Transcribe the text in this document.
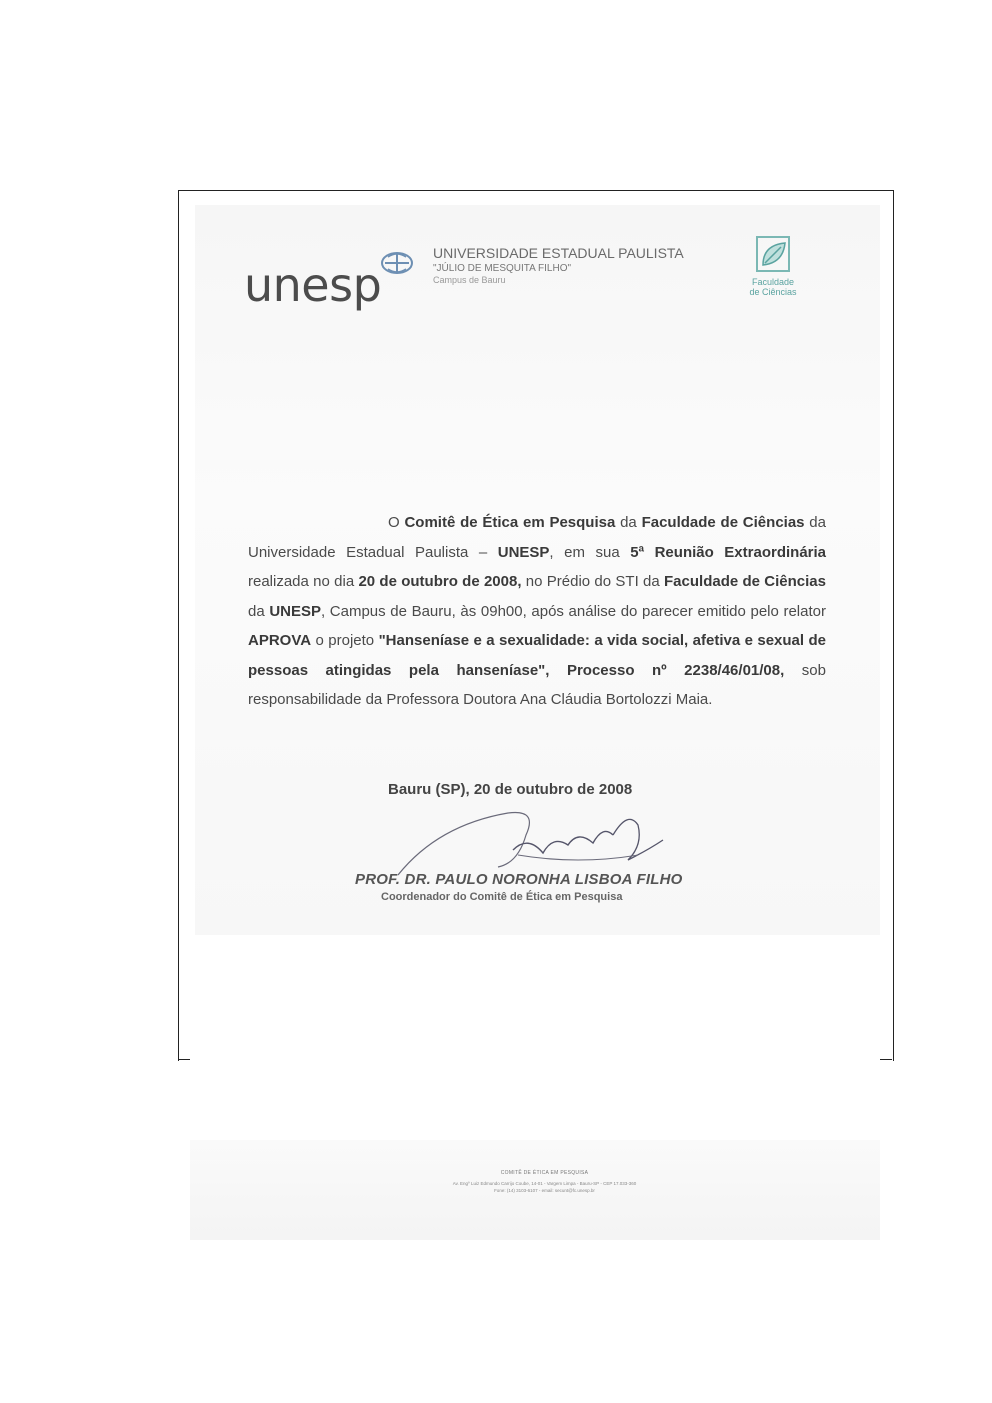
unesp
UNIVERSIDADE ESTADUAL PAULISTA
"JÚLIO DE MESQUITA FILHO"
Campus de Bauru	Faculdade
de Ciências
O Comitê de Ética em Pesquisa da Faculdade de Ciências da Universidade Estadual Paulista – UNESP, em sua 5ª Reunião Extraordinária realizada no dia 20 de outubro de 2008, no Prédio do STI da Faculdade de Ciências da UNESP, Campus de Bauru, às 09h00, após análise do parecer emitido pelo relator APROVA o projeto "Hanseníase e a sexualidade: a vida social, afetiva e sexual de pessoas atingidas pela hanseníase", Processo nº 2238/46/01/08, sob responsabilidade da Professora Doutora Ana Cláudia Bortolozzi Maia.
Bauru (SP), 20 de outubro de 2008
PROF. DR. PAULO NORONHA LISBOA FILHO
Coordenador do Comitê de Ética em Pesquisa
COMITÊ DE ÉTICA EM PESQUISA
Av. Engº Luiz Edmundo Carrijo Coube, 14-01 - Vargem Limpa - Bauru-SP - CEP 17.033-360
Fone: (14) 3103-6107 - email: secunt@fc.unesp.br
